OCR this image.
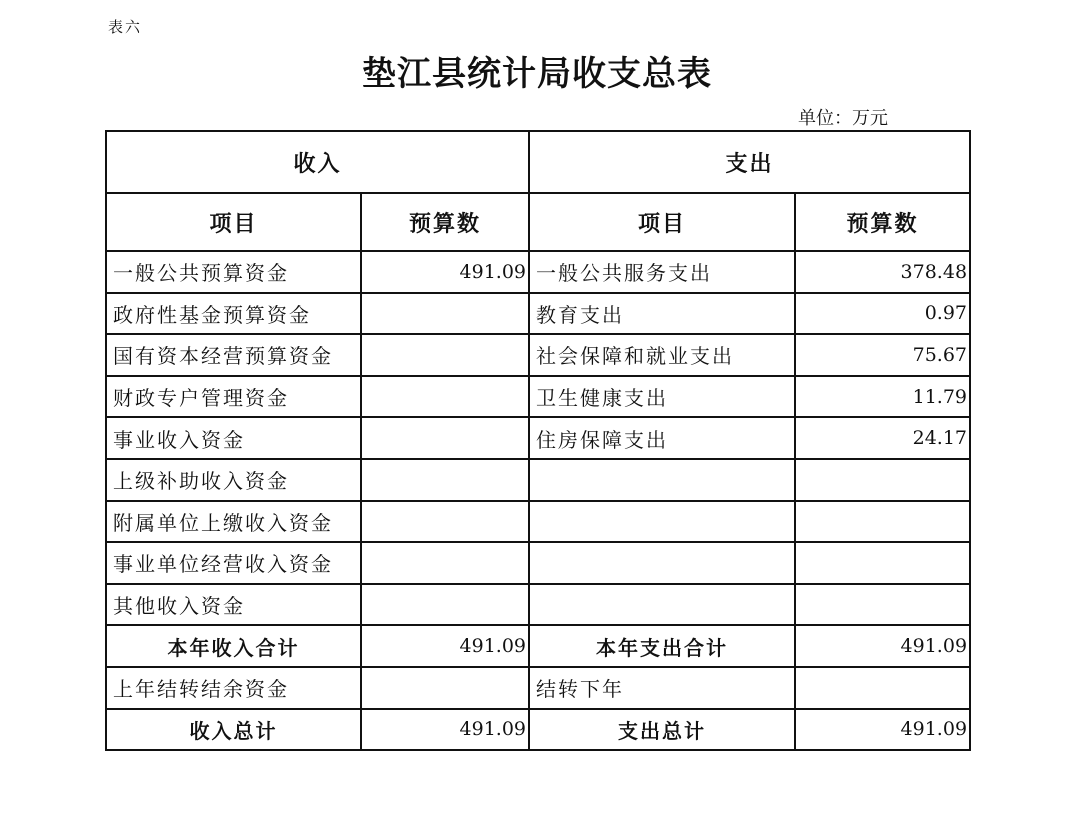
表六
垫江县统计局收支总表
单位：万元
收入		支出	
项目	预算数	项目	预算数
一般公共预算资金	491.09	一般公共服务支出	378.48
政府性基金预算资金		教育支出	0.97
国有资本经营预算资金		社会保障和就业支出	75.67
财政专户管理资金		卫生健康支出	11.79
事业收入资金		住房保障支出	24.17
上级补助收入资金			
附属单位上缴收入资金			
事业单位经营收入资金			
其他收入资金			
本年收入合计	491.09	本年支出合计	491.09
上年结转结余资金		结转下年	
收入总计	491.09	支出总计	491.09
